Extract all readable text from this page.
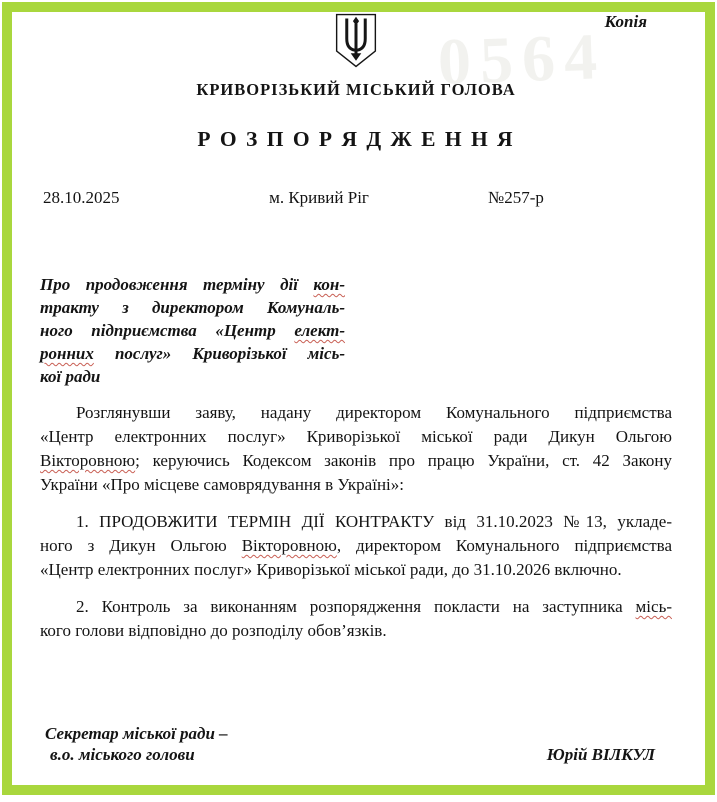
0564
Копія
КРИВОРІЗЬКИЙ МІСЬКИЙ ГОЛОВА
Р О З П О Р Я Д Ж Е Н Н Я
28.10.2025	м. Кривий Ріг	№257-р
Про продовження терміну дії кон-
тракту з директором Комуналь-
ного підприємства «Центр елект-
ронних послуг» Криворізької місь-
кої ради
Розглянувши заяву, надану директором Комунального підприємства
«Центр електронних послуг» Криворізької міської ради Дикун Ольгою
Вікторовною; керуючись Кодексом законів про працю України, ст. 42 Закону
України «Про місцеве самоврядування в Україні»:
1. ПРОДОВЖИТИ ТЕРМІН ДІЇ КОНТРАКТУ від 31.10.2023 №13, укладе-
ного з Дикун Ольгою Вікторовною, директором Комунального підприємства
«Центр електронних послуг» Криворізької міської ради, до 31.10.2026 включно.
2. Контроль за виконанням розпорядження покласти на заступника місь-
кого голови відповідно до розподілу обов’язків.
Секретар міської ради –
в.о. міського голови	Юрій ВІЛКУЛ
